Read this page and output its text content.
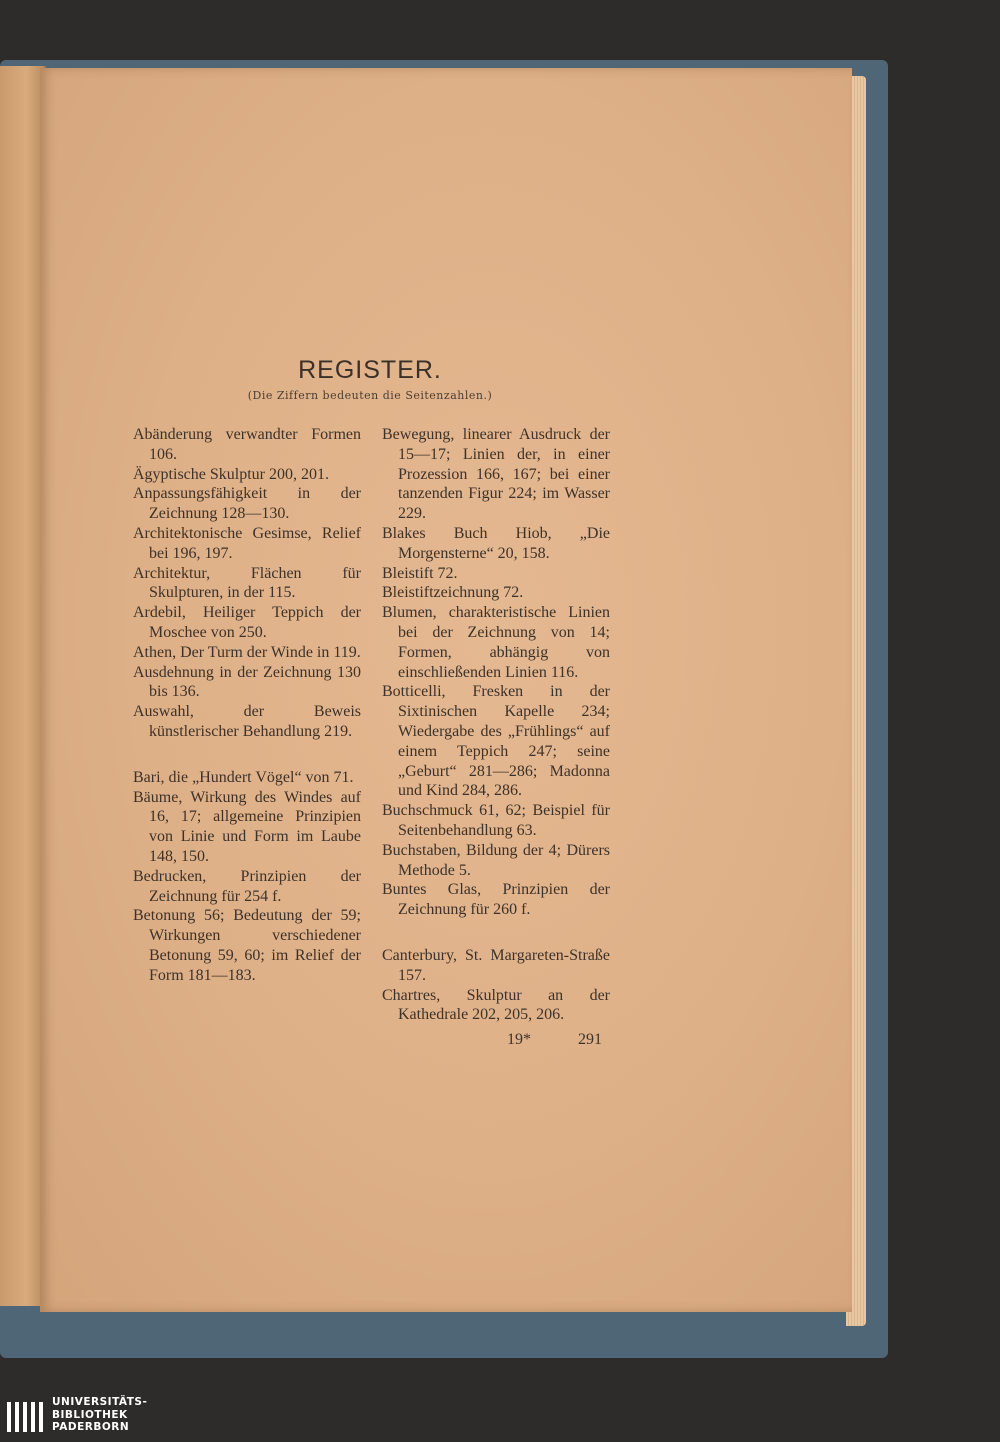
REGISTER.

(Die Ziffern bedeuten die Seitenzahlen.)

Abänderung verwandter Formen 106.

Ägyptische Skulptur 200, 201.

Anpassungsfähigkeit in der Zeichnung 128—130.

Architektonische Gesimse, Relief bei 196, 197.

Architektur, Flächen für Skulpturen, in der 115.

Ardebil, Heiliger Teppich der Moschee von 250.

Athen, Der Turm der Winde in 119.

Ausdehnung in der Zeichnung 130 bis 136.

Auswahl, der Beweis künstlerischer Behandlung 219.

Bari, die „Hundert Vögel“ von 71.

Bäume, Wirkung des Windes auf 16, 17; allgemeine Prinzipien von Linie und Form im Laube 148, 150.

Bedrucken, Prinzipien der Zeichnung für 254 f.

Betonung 56; Bedeutung der 59; Wirkungen verschiedener Betonung 59, 60; im Relief der Form 181—183.

Bewegung, linearer Ausdruck der 15—17; Linien der, in einer Prozession 166, 167; bei einer tanzenden Figur 224; im Wasser 229.

Blakes Buch Hiob, „Die Morgensterne“ 20, 158.

Bleistift 72.

Bleistiftzeichnung 72.

Blumen, charakteristische Linien bei der Zeichnung von 14; Formen, abhängig von einschließenden Linien 116.

Botticelli, Fresken in der Sixtinischen Kapelle 234; Wiedergabe des „Frühlings“ auf einem Teppich 247; seine „Geburt“ 281—286; Madonna und Kind 284, 286.

Buchschmuck 61, 62; Beispiel für Seitenbehandlung 63.

Buchstaben, Bildung der 4; Dürers Methode 5.

Buntes Glas, Prinzipien der Zeichnung für 260 f.

Canterbury, St. Margareten-Straße 157.

Chartres, Skulptur an der Kathedrale 202, 205, 206.

19*	291

UNIVERSITÄTS-
BIBLIOTHEK
PADERBORN
